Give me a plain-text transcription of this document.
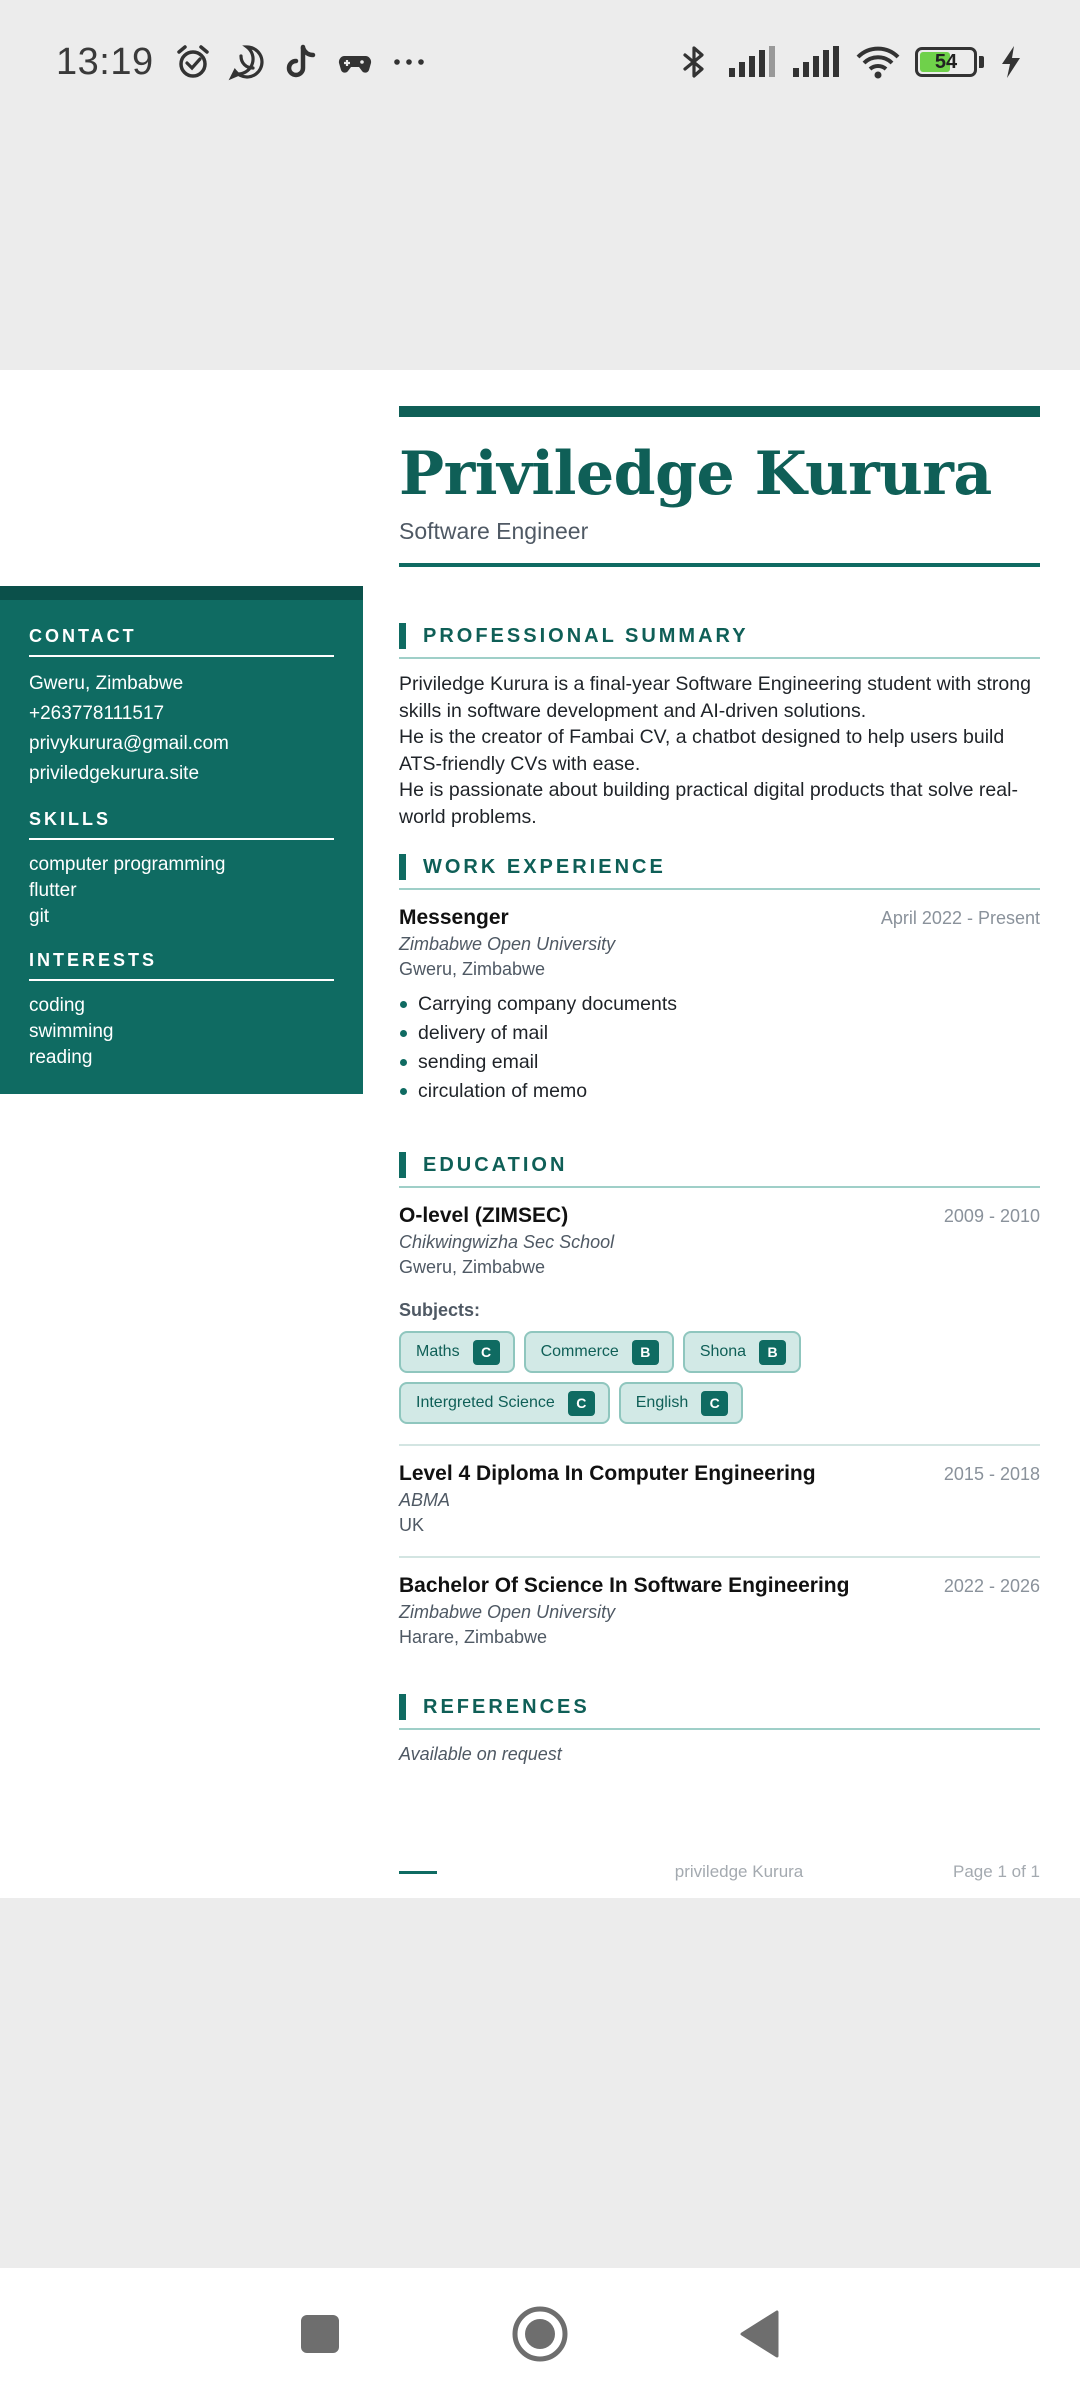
13:19	54
CONTACT
Gweru, Zimbabwe
+263778111517
privykurura@gmail.com
priviledgekurura.site
SKILLS
computer programming
flutter
git
INTERESTS
coding
swimming
reading
Priviledge Kurura
Software Engineer
PROFESSIONAL SUMMARY

Priviledge Kurura is a final-year Software Engineering student with strong skills in software development and AI-driven solutions.
He is the creator of Fambai CV, a chatbot designed to help users build ATS-friendly CVs with ease.
He is passionate about building practical digital products that solve real-world problems.

WORK EXPERIENCE
Messenger	April 2022 - Present
Zimbabwe Open University
Gweru, Zimbabwe
Carrying company documents
delivery of mail
sending email
circulation of memo
EDUCATION
O-level (ZIMSEC)	2009 - 2010
Chikwingwizha Sec School
Gweru, Zimbabwe
Subjects:
Maths	C	Commerce	B	Shona	B
Intergreted Science	C	English	C
Level 4 Diploma In Computer Engineering	2015 - 2018
ABMA
UK
Bachelor Of Science In Software Engineering	2022 - 2026
Zimbabwe Open University
Harare, Zimbabwe
REFERENCES
Available on request
priviledge Kurura	Page 1 of 1
